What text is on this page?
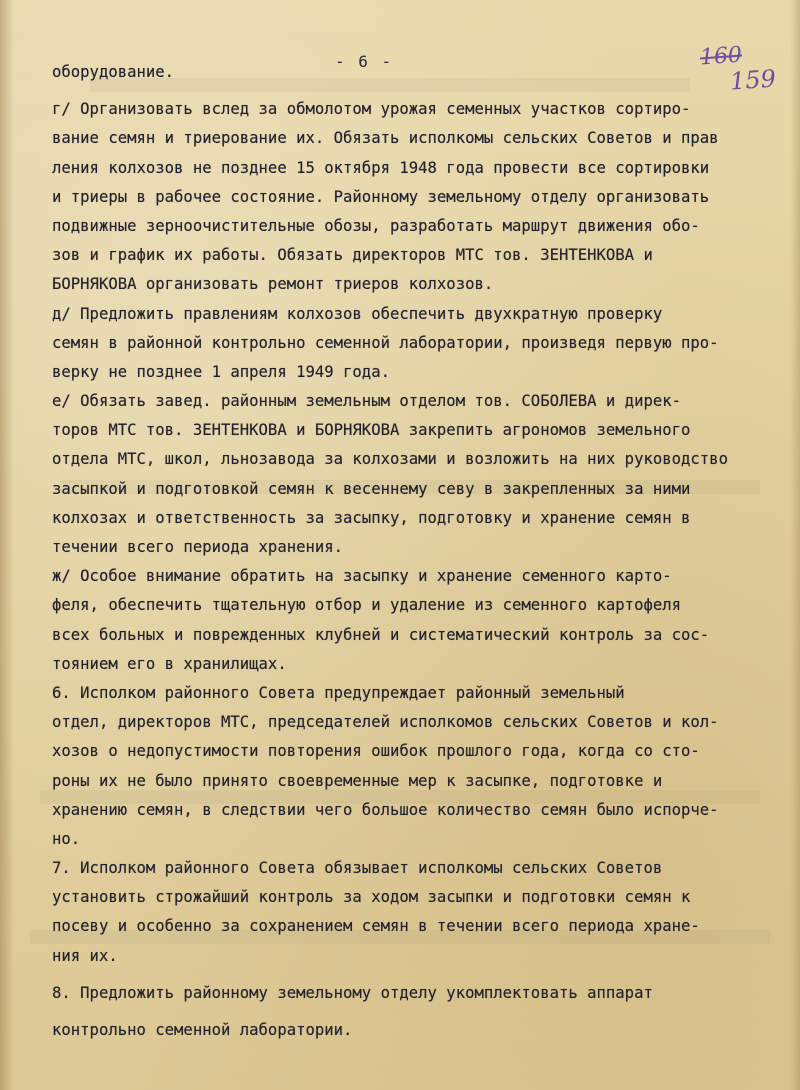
- 6 -	160
159
оборудование.
г/ Организовать вслед за обмолотом урожая семенных участков сортиро-
вание семян и триерование их. Обязать исполкомы сельских Советов и прав
ления колхозов не позднее 15 октября 1948 года провести все сортировки
и триеры в рабочее состояние. Районному земельному отделу организовать
подвижные зерноочистительные обозы, разработать маршрут движения обо-
зов и график их работы. Обязать директоров МТС тов. ЗЕНТЕНКОВА и
БОРНЯКОВА организовать ремонт триеров колхозов.
д/ Предложить правлениям колхозов обеспечить двухкратную проверку
семян в районной контрольно семенной лаборатории, произведя первую про-
верку не позднее 1 апреля 1949 года.
е/ Обязать завед. районным земельным отделом тов. СОБОЛЕВА и дирек-
торов МТС тов. ЗЕНТЕНКОВА и БОРНЯКОВА закрепить агрономов земельного
отдела МТС, школ, льнозавода за колхозами и возложить на них руководство
засыпкой и подготовкой семян к весеннему севу в закрепленных за ними
колхозах и ответственность за засыпку, подготовку и хранение семян в
течении всего периода хранения.
ж/ Особое внимание обратить на засыпку и хранение семенного карто-
феля, обеспечить тщательную отбор и удаление из семенного картофеля
всех больных и поврежденных клубней и систематический контроль за сос-
тоянием его в хранилищах.
6. Исполком районного Совета предупреждает районный земельный
отдел, директоров МТС, председателей исполкомов сельских Советов и кол-
хозов о недопустимости повторения ошибок прошлого года, когда со сто-
роны их не было принято своевременные мер к засыпке, подготовке и
хранению семян, в следствии чего большое количество семян было испорче-
но.
7. Исполком районного Совета обязывает исполкомы сельских Советов
установить строжайший контроль за ходом засыпки и подготовки семян к
посеву и особенно за сохранением семян в течении всего периода хране-
ния их.
8. Предложить районному земельному отделу укомплектовать аппарат
контрольно семенной лаборатории.
